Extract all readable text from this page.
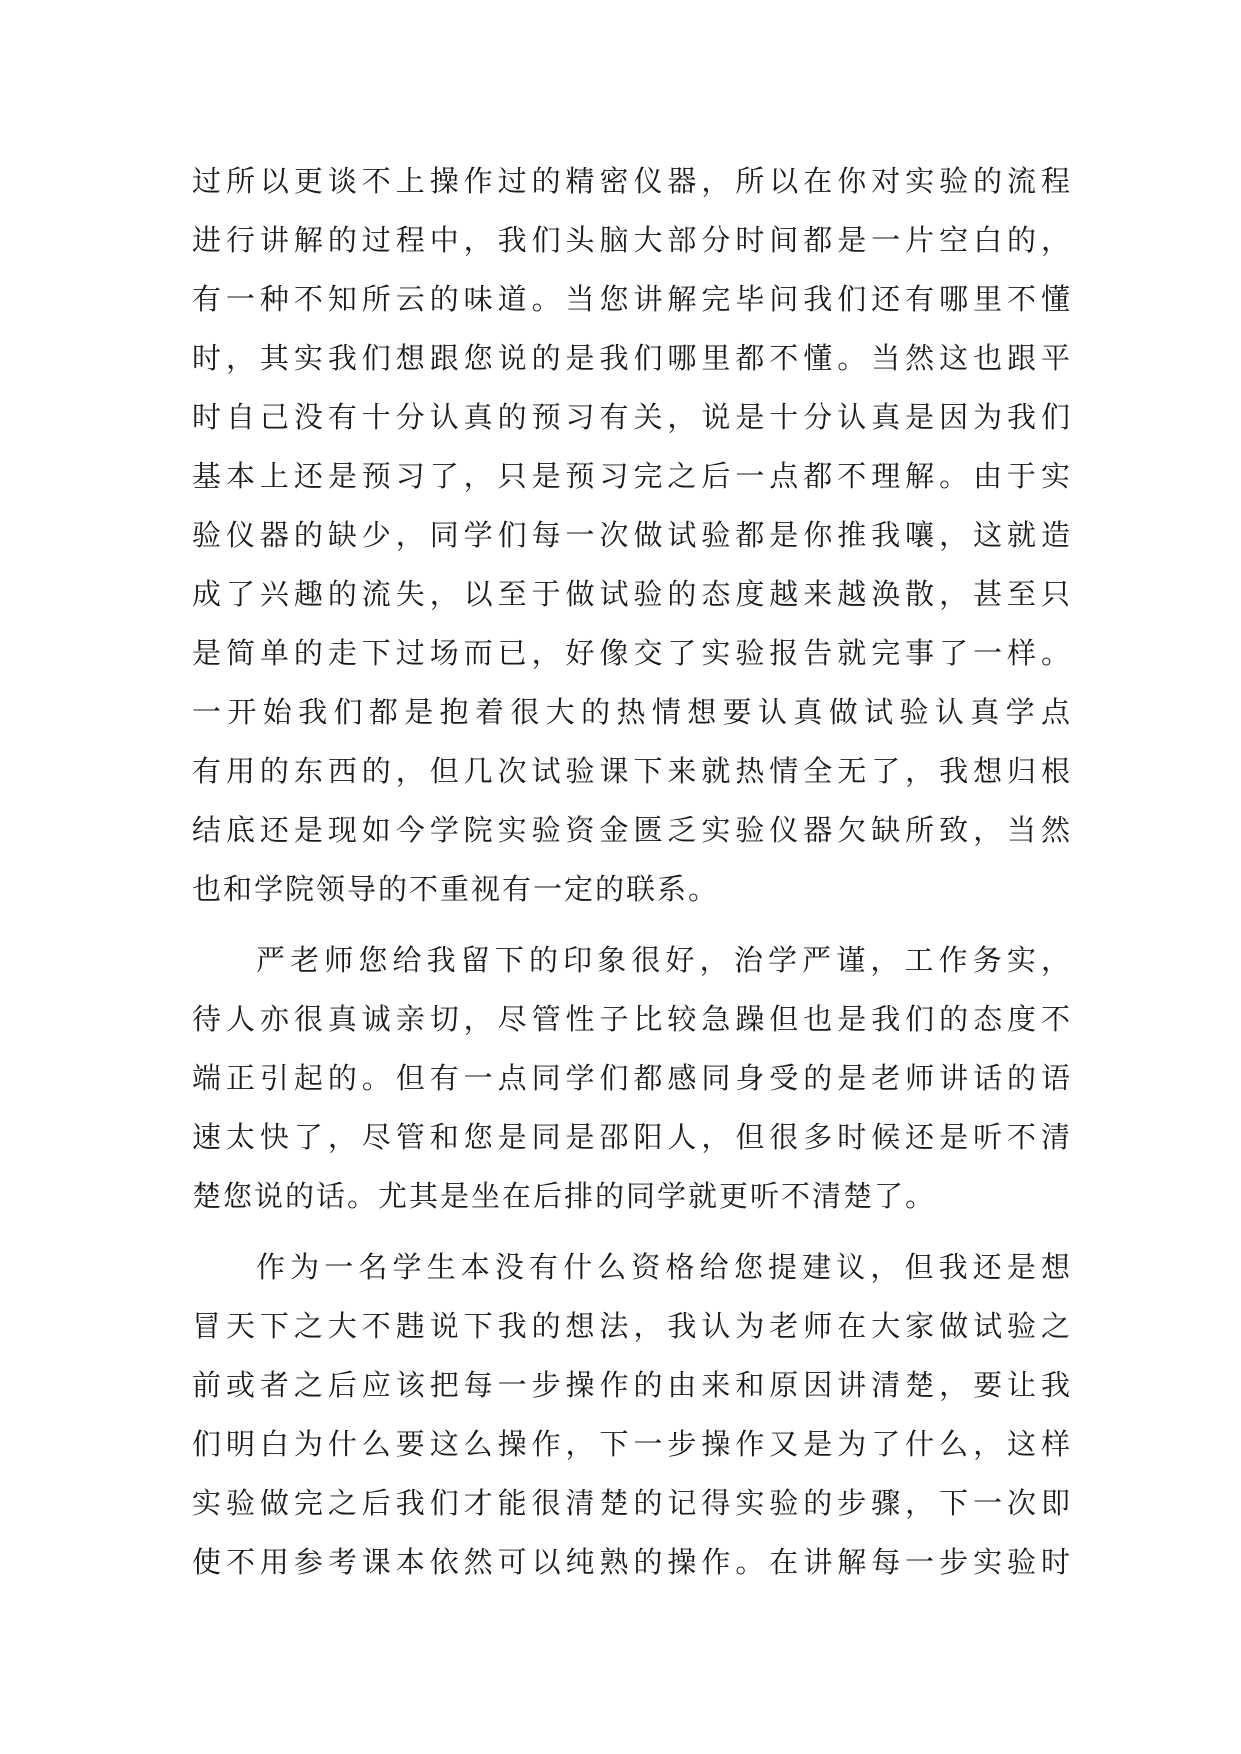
过所以更谈不上操作过的精密仪器，所以在你对实验的流程
进行讲解的过程中，我们头脑大部分时间都是一片空白的，
有一种不知所云的味道。当您讲解完毕问我们还有哪里不懂
时，其实我们想跟您说的是我们哪里都不懂。当然这也跟平
时自己没有十分认真的预习有关，说是十分认真是因为我们
基本上还是预习了，只是预习完之后一点都不理解。由于实
验仪器的缺少，同学们每一次做试验都是你推我嚷，这就造
成了兴趣的流失，以至于做试验的态度越来越涣散，甚至只
是简单的走下过场而已，好像交了实验报告就完事了一样。
一开始我们都是抱着很大的热情想要认真做试验认真学点
有用的东西的，但几次试验课下来就热情全无了，我想归根
结底还是现如今学院实验资金匮乏实验仪器欠缺所致，当然
也和学院领导的不重视有一定的联系。
严老师您给我留下的印象很好，治学严谨，工作务实，
待人亦很真诚亲切，尽管性子比较急躁但也是我们的态度不
端正引起的。但有一点同学们都感同身受的是老师讲话的语
速太快了，尽管和您是同是邵阳人，但很多时候还是听不清
楚您说的话。尤其是坐在后排的同学就更听不清楚了。
作为一名学生本没有什么资格给您提建议，但我还是想
冒天下之大不韪说下我的想法，我认为老师在大家做试验之
前或者之后应该把每一步操作的由来和原因讲清楚，要让我
们明白为什么要这么操作，下一步操作又是为了什么，这样
实验做完之后我们才能很清楚的记得实验的步骤，下一次即
使不用参考课本依然可以纯熟的操作。在讲解每一步实验时
